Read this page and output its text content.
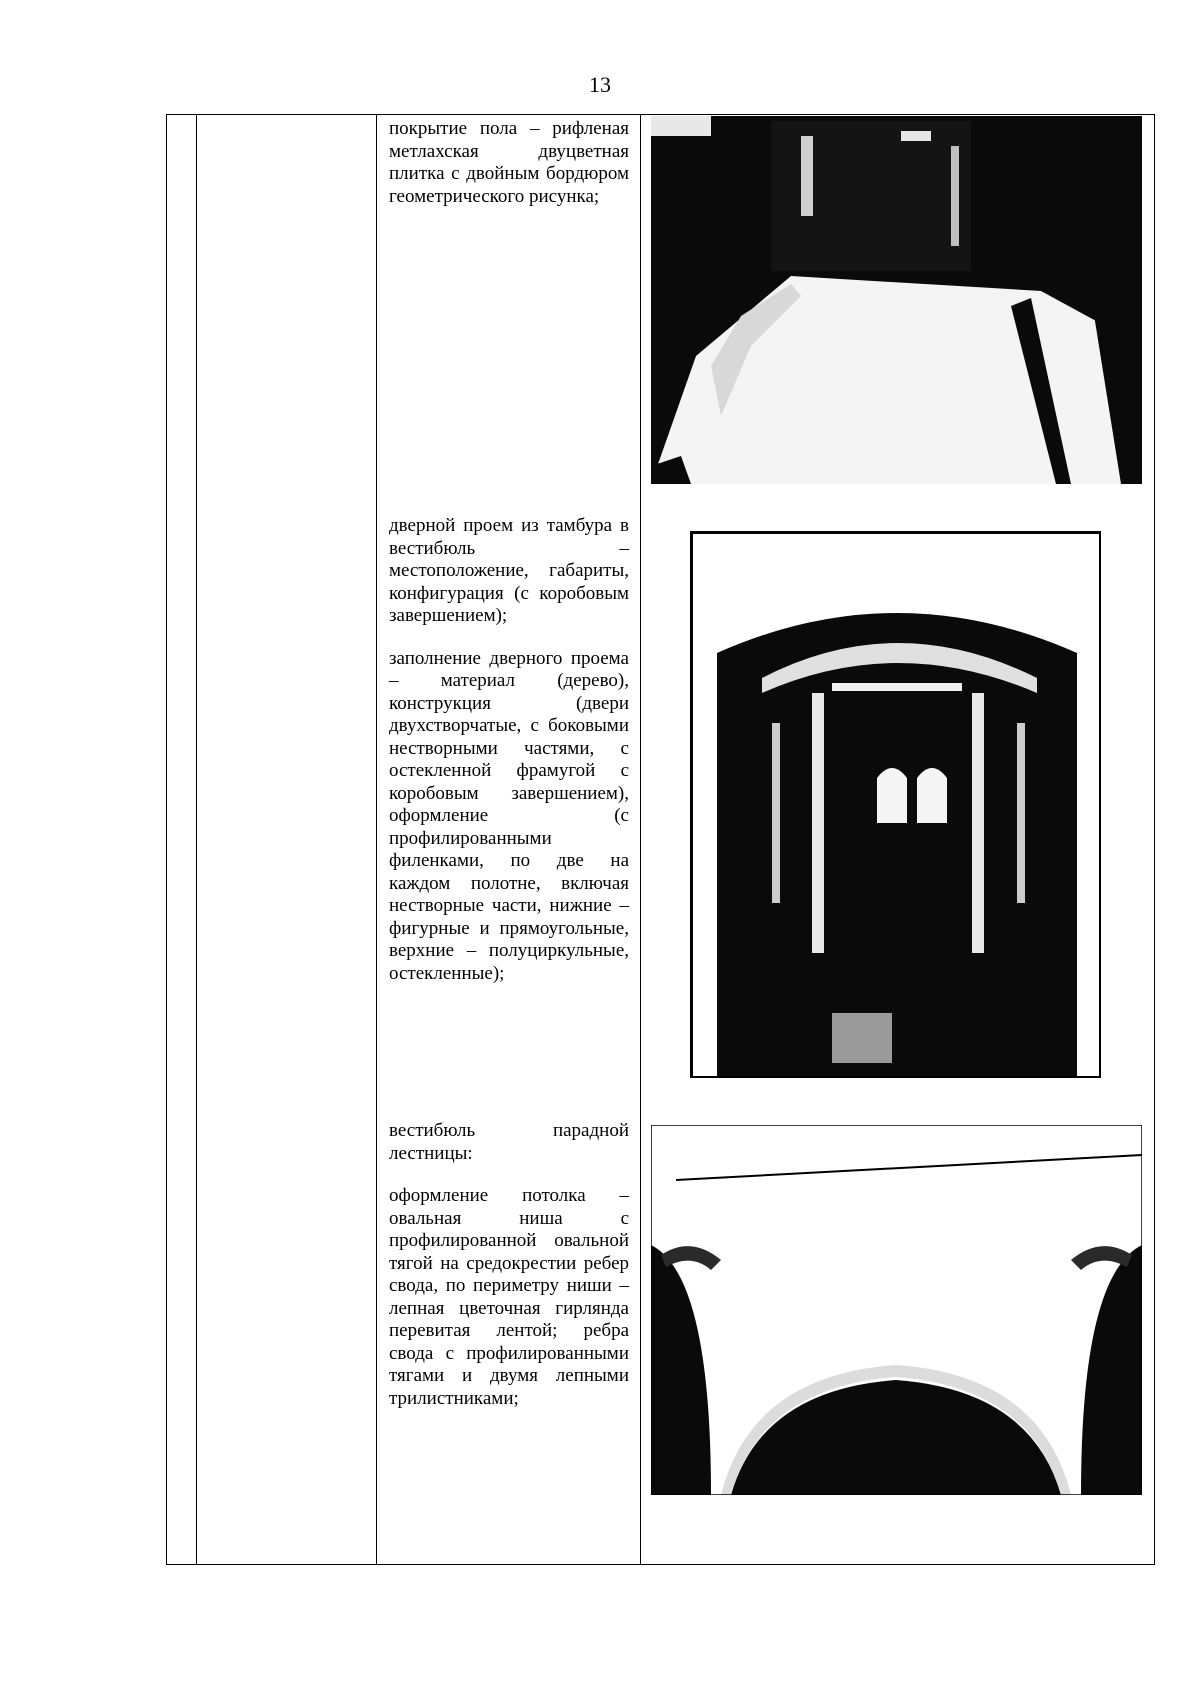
13

покрытие пола – рифленая метлахская двуцветная плитка с двойным бордюром геометрического рисунка;

дверной проем из тамбура в вестибюль – местоположение, габариты, конфигурация (с коробовым завершением);

заполнение дверного проема – материал (дерево), конструкция (двери двухстворчатые, с боковыми нестворными частями, с остекленной фрамугой с коробовым завершением), оформление (с профилированными филенками, по две на каждом полотне, включая нестворные части, нижние – фигурные и прямоугольные, верхние – полуциркульные, остекленные);

вестибюль парадной лестницы:

оформление потолка – овальная ниша с профилированной овальной тягой на средокрестии ребер свода, по периметру ниши – лепная цветочная гирлянда перевитая лентой; ребра свода с профилированными тягами и двумя лепными трилистниками;
